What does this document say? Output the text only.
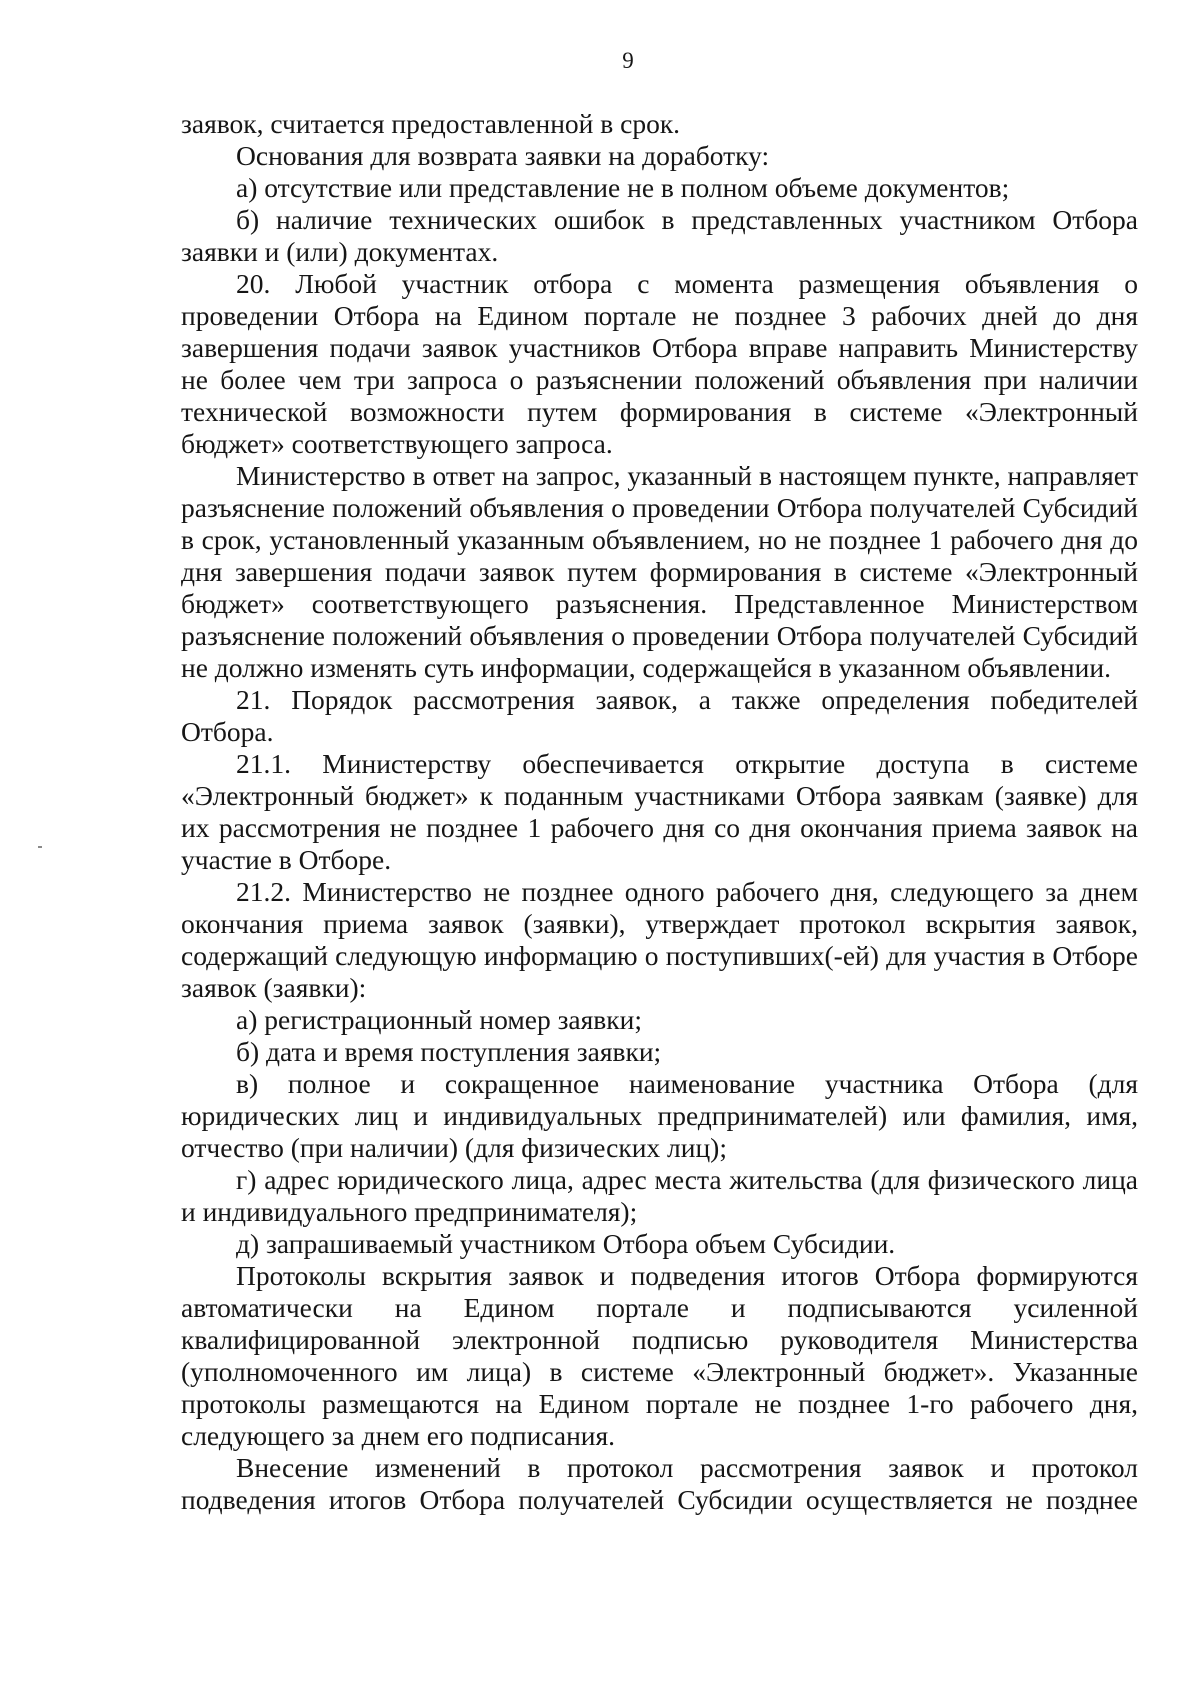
9

заявок, считается предоставленной в срок.

Основания для возврата заявки на доработку:

а) отсутствие или представление не в полном объеме документов;

б) наличие технических ошибок в представленных участником Отбора заявки и (или) документах.

20. Любой участник отбора с момента размещения объявления о проведении Отбора на Едином портале не позднее 3 рабочих дней до дня завершения подачи заявок участников Отбора вправе направить Министерству не более чем три запроса о разъяснении положений объявления при наличии технической возможности путем формирования в системе «Электронный бюджет» соответствующего запроса.

Министерство в ответ на запрос, указанный в настоящем пункте, направляет разъяснение положений объявления о проведении Отбора получателей Субсидий в срок, установленный указанным объявлением, но не позднее 1 рабочего дня до дня завершения подачи заявок путем формирования в системе «Электронный бюджет» соответствующего разъяснения. Представленное Министерством разъяснение положений объявления о проведении Отбора получателей Субсидий не должно изменять суть информации, содержащейся в указанном объявлении.

21. Порядок рассмотрения заявок, а также определения победителей Отбора.

21.1. Министерству обеспечивается открытие доступа в системе «Электронный бюджет» к поданным участниками Отбора заявкам (заявке) для их рассмотрения не позднее 1 рабочего дня со дня окончания приема заявок на участие в Отборе.

21.2. Министерство не позднее одного рабочего дня, следующего за днем окончания приема заявок (заявки), утверждает протокол вскрытия заявок, содержащий следующую информацию о поступивших(-ей) для участия в Отборе заявок (заявки):

а) регистрационный номер заявки;

б) дата и время поступления заявки;

в) полное и сокращенное наименование участника Отбора (для юридических лиц и индивидуальных предпринимателей) или фамилия, имя, отчество (при наличии) (для физических лиц);

г) адрес юридического лица, адрес места жительства (для физического лица и индивидуального предпринимателя);

д) запрашиваемый участником Отбора объем Субсидии.

Протоколы вскрытия заявок и подведения итогов Отбора формируются автоматически на Едином портале и подписываются усиленной квалифицированной электронной подписью руководителя Министерства (уполномоченного им лица) в системе «Электронный бюджет». Указанные протоколы размещаются на Едином портале не позднее 1-го рабочего дня, следующего за днем его подписания.

Внесение изменений в протокол рассмотрения заявок и протокол подведения итогов Отбора получателей Субсидии осуществляется не позднее
